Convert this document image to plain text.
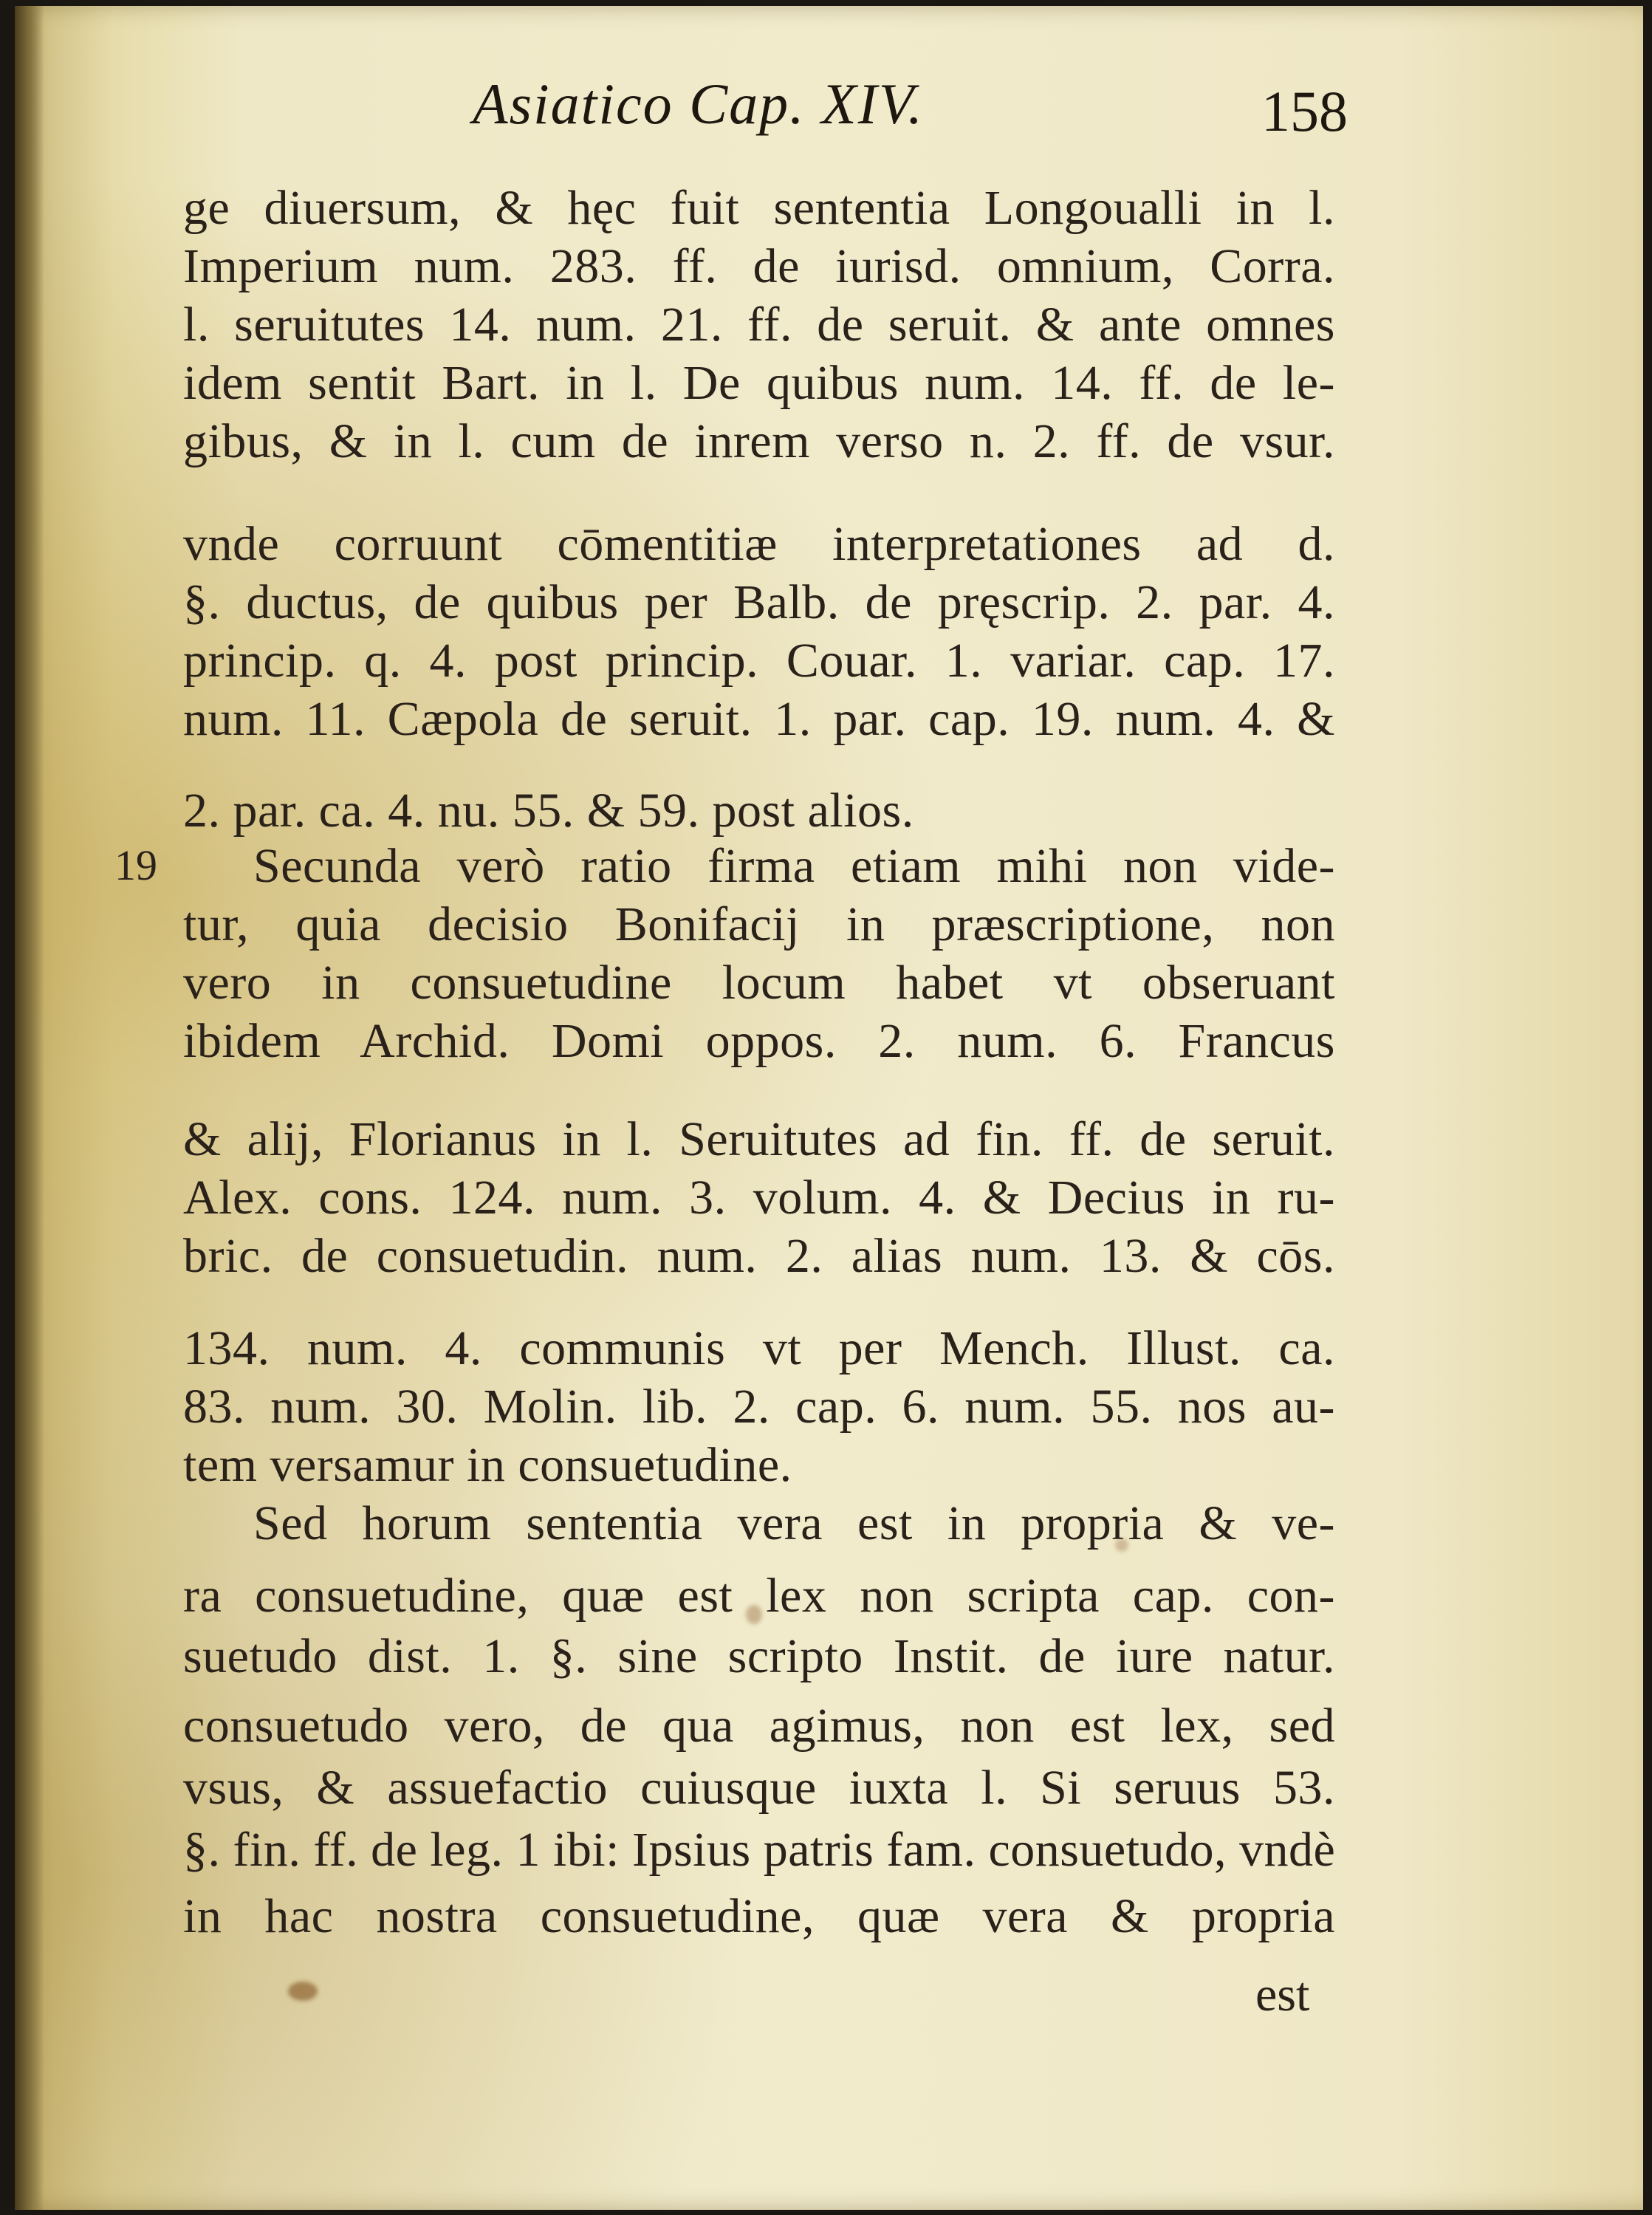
Asiatico Cap. XIV.	158
ge diuersum, & hęc fuit sententia Longoualli in l.
Imperium num. 283. ff. de iurisd. omnium, Corra.
l. seruitutes 14. num. 21. ff. de seruit. & ante omnes
idem sentit Bart. in l. De quibus num. 14. ff. de le-
gibus, & in l. cum de inrem verso n. 2. ff. de vsur.
vnde corruunt cōmentitiæ interpretationes ad d.
§. ductus, de quibus per Balb. de pręscrip. 2. par. 4.
princip. q. 4. post princip. Couar. 1. variar. cap. 17.
num. 11. Cæpola de seruit. 1. par. cap. 19. num. 4. &
2. par. ca. 4. nu. 55. & 59. post alios.
19	Secunda verò ratio firma etiam mihi non vide-
tur, quia decisio Bonifacij in præscriptione, non
vero in consuetudine locum habet vt obseruant
ibidem Archid. Domi oppos. 2. num. 6. Francus
& alij, Florianus in l. Seruitutes ad fin. ff. de seruit.
Alex. cons. 124. num. 3. volum. 4. & Decius in ru-
bric. de consuetudin. num. 2. alias num. 13. & cōs.
134. num. 4. communis vt per Mench. Illust. ca.
83. num. 30. Molin. lib. 2. cap. 6. num. 55. nos au-
tem versamur in consuetudine.
Sed horum sententia vera est in propria & ve-
ra consuetudine, quæ est lex non scripta cap. con-
suetudo dist. 1. §. sine scripto Instit. de iure natur.
consuetudo vero, de qua agimus, non est lex, sed
vsus, & assuefactio cuiusque iuxta l. Si seruus 53.
§. fin. ff. de leg. 1 ibi: Ipsius patris fam. consuetudo, vndè
in hac nostra consuetudine, quæ vera & propria
est
